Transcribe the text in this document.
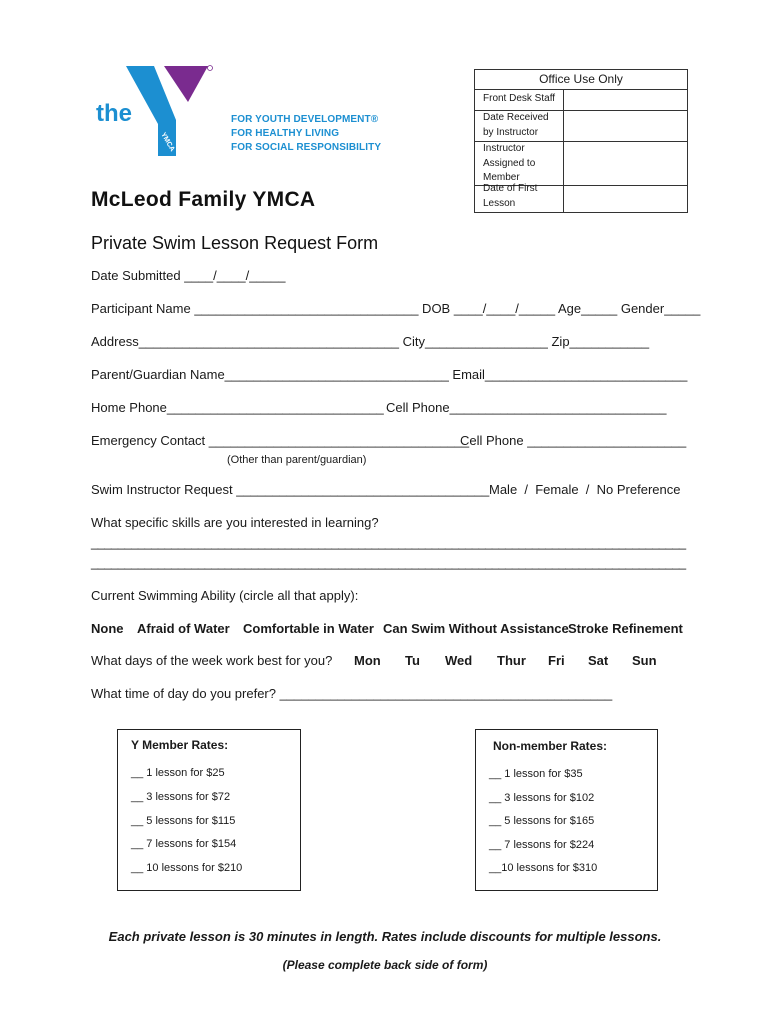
YMCA
the	FOR YOUTH DEVELOPMENT®
FOR HEALTHY LIVING
FOR SOCIAL RESPONSIBILITY
McLeod Family YMCA
Office Use Only
Front Desk Staff
Date Received
by Instructor
Instructor
Assigned to
Member
Date of First
Lesson
Private Swim Lesson Request Form
Date Submitted ____/____/_____
Participant Name _______________________________ DOB ____/____/_____ Age_____ Gender_____
Address____________________________________ City_________________ Zip___________
Parent/Guardian Name_______________________________ Email____________________________
Home Phone______________________________ Cell Phone______________________________
Emergency Contact ____________________________________
Cell Phone ______________________
(Other than parent/guardian)
Swim Instructor Request ___________________________________ Male  /  Female  /  No Preference
What specific skills are you interested in learning?
_________________________________________________________________________________________
_________________________________________________________________________________________
Current Swimming Ability (circle all that apply):
None Afraid of Water Comfortable in Water Can Swim Without Assistance Stroke Refinement
What days of the week work best for you? Mon Tu Wed Thur Fri Sat Sun
What time of day do you prefer? ______________________________________________
Y Member Rates:
__ 1 lesson for $25
__ 3 lessons for $72
__ 5 lessons for $115
__ 7 lessons for $154
__ 10 lessons for $210
Non-member Rates:
__ 1 lesson for $35
__ 3 lessons for $102
__ 5 lessons for $165
__ 7 lessons for $224
__10 lessons for $310
Each private lesson is 30 minutes in length. Rates include discounts for multiple lessons.
(Please complete back side of form)
